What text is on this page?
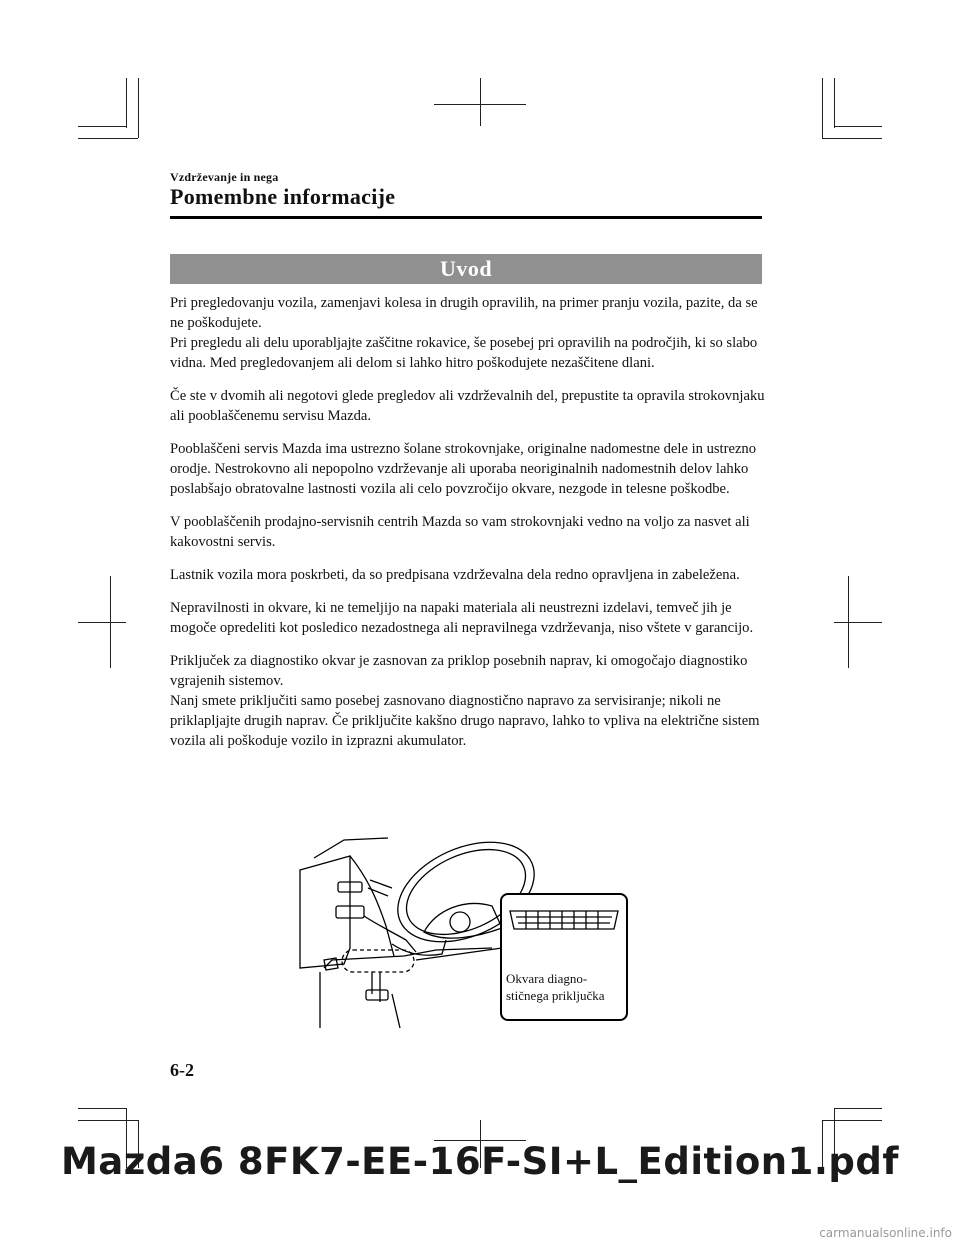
Vzdrževanje in nega
Pomembne informacije
Uvod

Pri pregledovanju vozila, zamenjavi kolesa in drugih opravilih, na primer pranju vozila, pazite, da se ne poškodujete.
Pri pregledu ali delu uporabljajte zaščitne rokavice, še posebej pri opravilih na področjih, ki so slabo vidna. Med pregledovanjem ali delom si lahko hitro poškodujete nezaščitene dlani.

Če ste v dvomih ali negotovi glede pregledov ali vzdrževalnih del, prepustite ta opravila strokovnjaku ali pooblaščenemu servisu Mazda.

Pooblaščeni servis Mazda ima ustrezno šolane strokovnjake, originalne nadomestne dele in ustrezno orodje. Nestrokovno ali nepopolno vzdrževanje ali uporaba neoriginalnih nadomestnih delov lahko poslabšajo obratovalne lastnosti vozila ali celo povzročijo okvare, nezgode in telesne poškodbe.

V pooblaščenih prodajno-servisnih centrih Mazda so vam strokovnjaki vedno na voljo za nasvet ali kakovostni servis.

Lastnik vozila mora poskrbeti, da so predpisana vzdrževalna dela redno opravljena in zabeležena.

Nepravilnosti in okvare, ki ne temeljijo na napaki materiala ali neustrezni izdelavi, temveč jih je mogoče opredeliti kot posledico nezadostnega ali nepravilnega vzdrževanja, niso vštete v garancijo.

Priključek za diagnostiko okvar je zasnovan za priklop posebnih naprav, ki omogočajo diagnostiko vgrajenih sistemov.
Nanj smete priključiti samo posebej zasnovano diagnostično napravo za servisiranje; nikoli ne priklapljajte drugih naprav. Če priključite kakšno drugo napravo, lahko to vpliva na električne sistem vozila ali poškoduje vozilo in izprazni akumulator.

Okvara diagno-
stičnega priključka
6-2
Mazda6 8FK7-EE-16F-SI+L_Edition1.pdf
carmanualsonline.info
